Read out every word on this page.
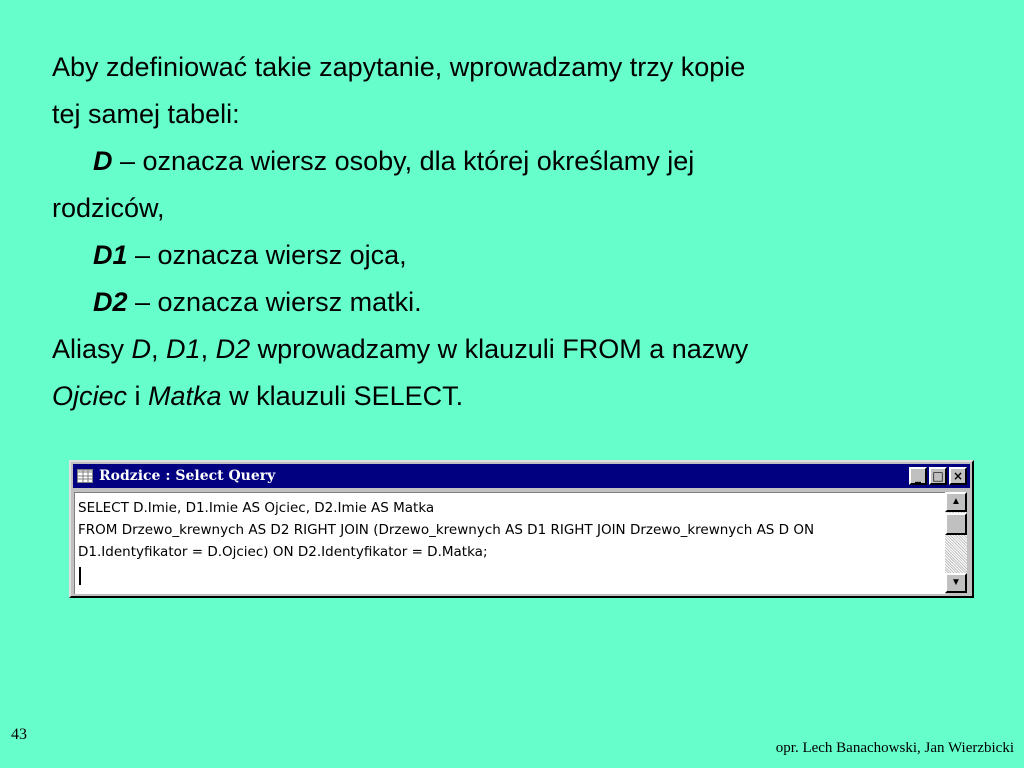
Aby zdefiniować takie zapytanie, wprowadzamy trzy kopie

tej samej tabeli:

D – oznacza wiersz osoby, dla której określamy jej

rodziców,

D1 – oznacza wiersz ojca,

D2 – oznacza wiersz matki.

Aliasy D, D1, D2 wprowadzamy w klauzuli FROM a nazwy

Ojciec i Matka w klauzuli SELECT.

Rodzice : Select Query	_ □ ×
SELECT D.Imie, D1.Imie AS Ojciec, D2.Imie AS Matka
FROM Drzewo_krewnych AS D2 RIGHT JOIN (Drzewo_krewnych AS D1 RIGHT JOIN Drzewo_krewnych AS D ON
D1.Identyfikator = D.Ojciec) ON D2.Identyfikator = D.Matka;
▲
▼
43
opr. Lech Banachowski, Jan Wierzbicki
